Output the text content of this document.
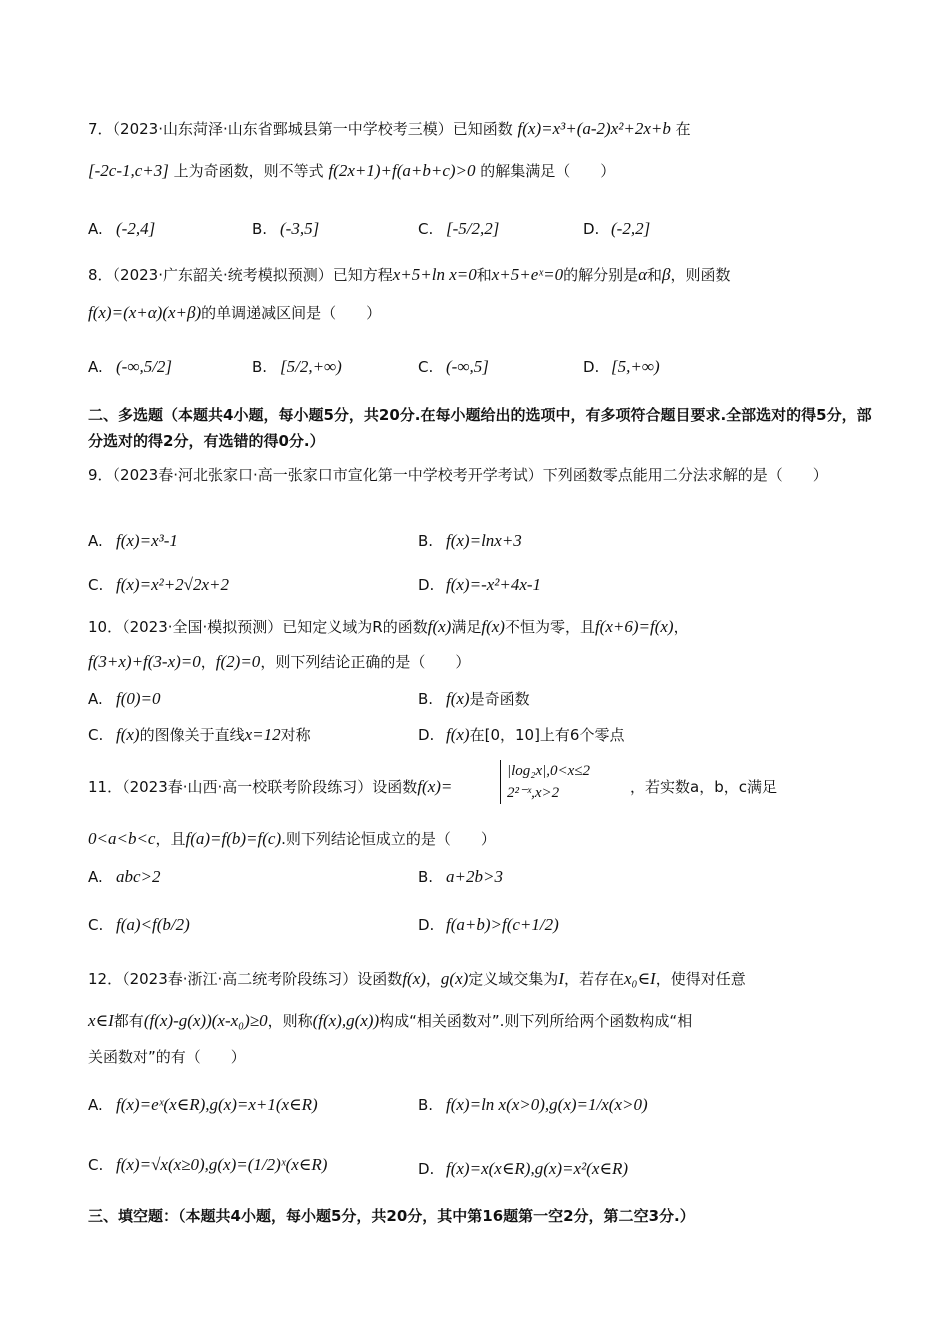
7．（2023·山东菏泽·山东省鄄城县第一中学校考三模）已知函数 f(x)=x³+(a-2)x²+2x+b 在
[-2c-1,c+3] 上为奇函数，则不等式 f(2x+1)+f(a+b+c)>0 的解集满足（　　）
A. (-2,4]	B. (-3,5]	C. [-5/2,2]	D. (-2,2]
8．（2023·广东韶关·统考模拟预测）已知方程x+5+ln x=0和x+5+eˣ=0的解分别是α和β，则函数
f(x)=(x+α)(x+β)的单调递减区间是（　　）
A. (-∞,5/2]	B. [5/2,+∞)	C. (-∞,5]	D. [5,+∞)
二、多选题（本题共4小题，每小题5分，共20分.在每小题给出的选项中，有多项符合题目要求.全部选对的得5分，部分选对的得2分，有选错的得0分.）
9．（2023春·河北张家口·高一张家口市宣化第一中学校考开学考试）下列函数零点能用二分法求解的是（　　）
A. f(x)=x³-1	B. f(x)=lnx+3
C. f(x)=x²+2√2x+2	D. f(x)=-x²+4x-1
10．（2023·全国·模拟预测）已知定义域为R的函数f(x)满足f(x)不恒为零，且f(x+6)=f(x)，
f(3+x)+f(3-x)=0，f(2)=0，则下列结论正确的是（　　）
A. f(0)=0	B. f(x)是奇函数
C. f(x)的图像关于直线x=12对称	D. f(x)在[0，10]上有6个零点
11．（2023春·山西·高一校联考阶段练习）设函数f(x)=
|log₂x|,0<x≤2
2²⁻ˣ,x>2	，若实数a，b，c满足
0<a<b<c，且f(a)=f(b)=f(c).则下列结论恒成立的是（　　）
A. abc>2	B. a+2b>3
C. f(a)<f(b/2)	D. f(a+b)>f(c+1/2)
12．（2023春·浙江·高二统考阶段练习）设函数f(x)，g(x)定义域交集为I，若存在x₀∈I，使得对任意
x∈I都有(f(x)-g(x))(x-x₀)≥0，则称(f(x),g(x))构成“相关函数对”.则下列所给两个函数构成“相
关函数对”的有（　　）
A. f(x)=eˣ(x∈R),g(x)=x+1(x∈R)	B. f(x)=ln x(x>0),g(x)=1/x(x>0)
C. f(x)=√x(x≥0),g(x)=(1/2)ˣ(x∈R)	D. f(x)=x(x∈R),g(x)=x²(x∈R)
三、填空题：（本题共4小题，每小题5分，共20分，其中第16题第一空2分，第二空3分.）
